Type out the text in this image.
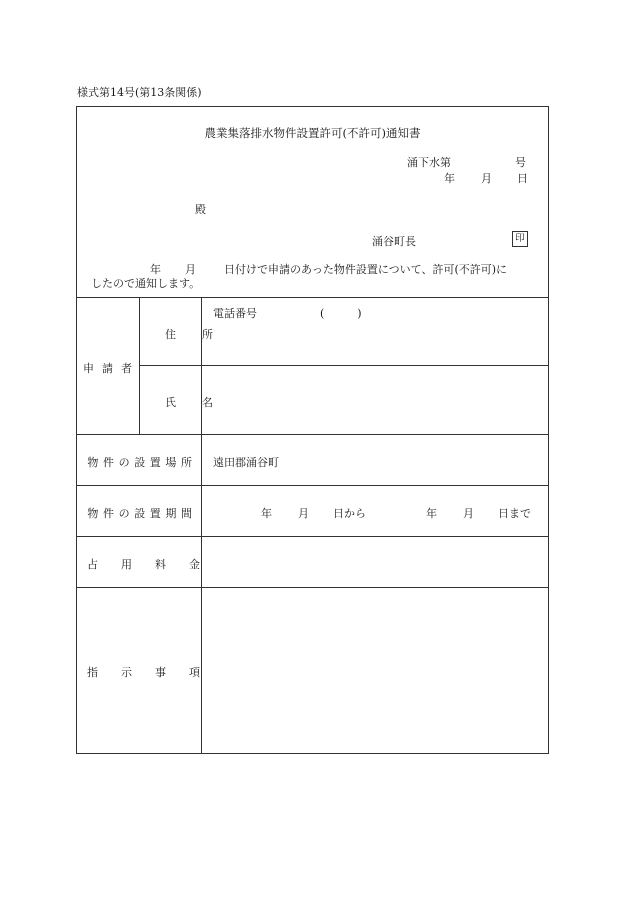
様式第14号(第13条関係)
農業集落排水物件設置許可(不許可)通知書
涌下水第	号
年 月 日
殿
涌谷町長	印
年 月	日付けで申請のあった物件設置について、許可(不許可)に
したので通知します。
申請者
住所
電話番号	(　　　)
氏名
物件の設置場所	遠田郡涌谷町
物件の設置期間	年 月 日から	年 月 日まで
占用料金
指示事項
